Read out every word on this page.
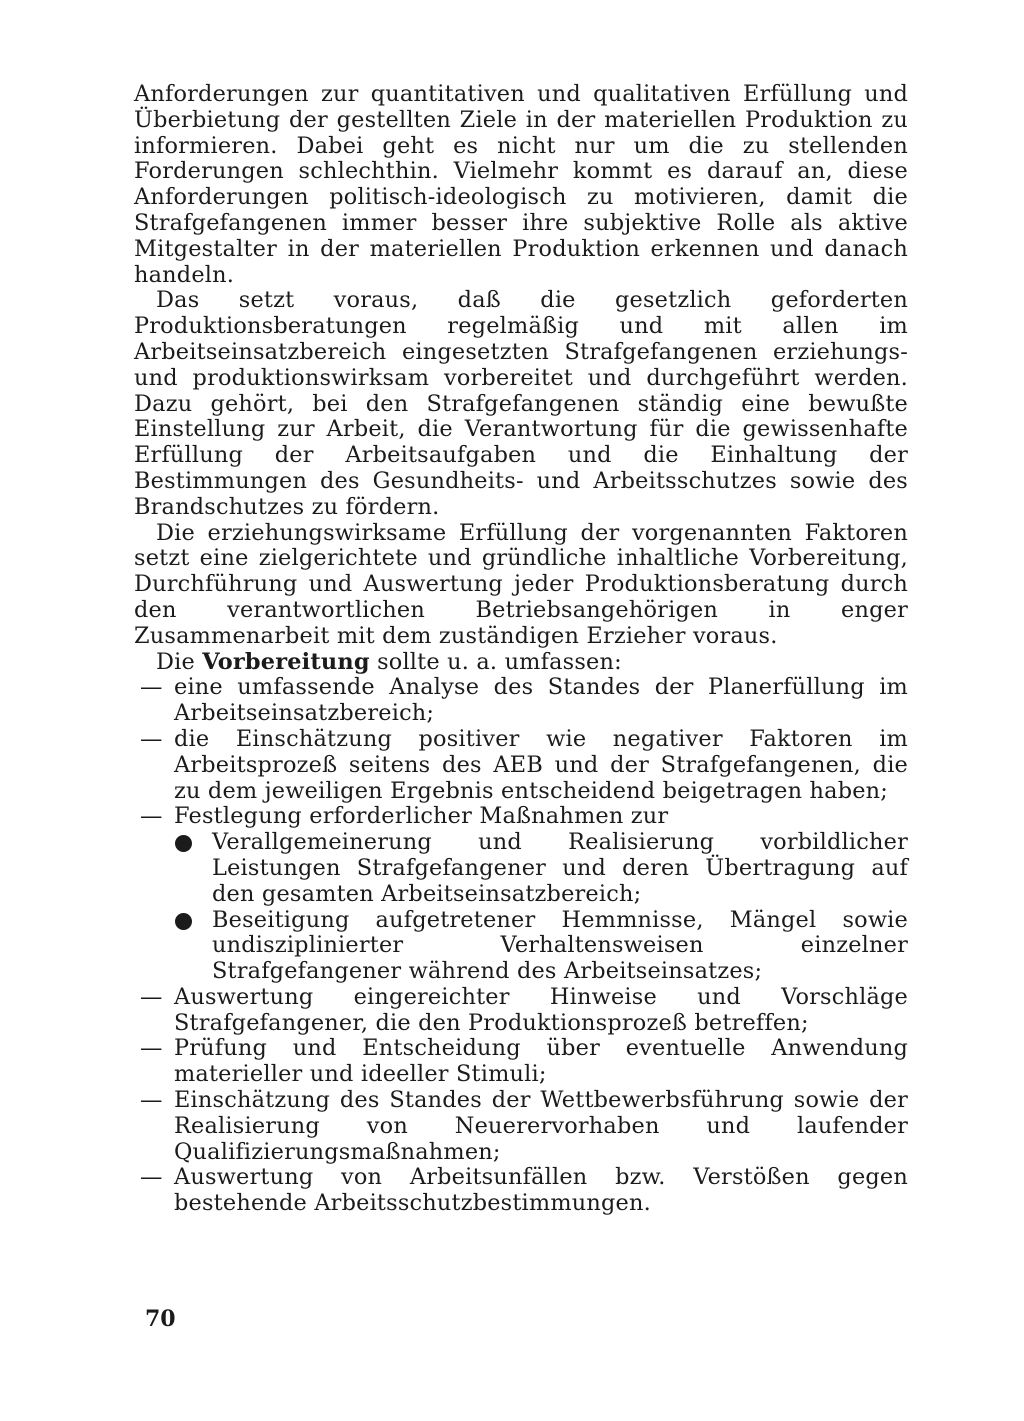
Anforderungen zur quantitativen und qualitativen Erfüllung und Überbietung der gestellten Ziele in der materiellen Produktion zu informieren. Dabei geht es nicht nur um die zu stellenden Forderungen schlechthin. Vielmehr kommt es darauf an, diese Anforderungen politisch-ideologisch zu motivieren, damit die Strafgefangenen immer besser ihre subjektive Rolle als aktive Mitgestalter in der materiellen Produktion erkennen und danach handeln.

Das setzt voraus, daß die gesetzlich geforderten Produktionsberatungen regelmäßig und mit allen im Arbeitseinsatzbereich eingesetzten Strafgefangenen erziehungs- und produktionswirksam vorbereitet und durchgeführt werden. Dazu gehört, bei den Strafgefangenen ständig eine bewußte Einstellung zur Arbeit, die Verantwortung für die gewissenhafte Erfüllung der Arbeitsaufgaben und die Einhaltung der Bestimmungen des Gesundheits- und Arbeitsschutzes sowie des Brandschutzes zu fördern.

Die erziehungswirksame Erfüllung der vorgenannten Faktoren setzt eine zielgerichtete und gründliche inhaltliche Vorbereitung, Durchführung und Auswertung jeder Produktionsberatung durch den verantwortlichen Betriebsangehörigen in enger Zusammenarbeit mit dem zuständigen Erzieher voraus.

Die Vorbereitung sollte u. a. umfassen:

— eine umfassende Analyse des Standes der Planerfüllung im Arbeitseinsatzbereich;
— die Einschätzung positiver wie negativer Faktoren im Arbeitsprozeß seitens des AEB und der Strafgefangenen, die zu dem jeweiligen Ergebnis entscheidend beigetragen haben;
— Festlegung erforderlicher Maßnahmen zur
Verallgemeinerung und Realisierung vorbildlicher Leistungen Strafgefangener und deren Übertragung auf den gesamten Arbeitseinsatzbereich;
Beseitigung aufgetretener Hemmnisse, Mängel sowie undisziplinierter Verhaltensweisen einzelner Strafgefangener während des Arbeitseinsatzes;
— Auswertung eingereichter Hinweise und Vorschläge Strafgefangener, die den Produktionsprozeß betreffen;
— Prüfung und Entscheidung über eventuelle Anwendung materieller und ideeller Stimuli;
— Einschätzung des Standes der Wettbewerbsführung sowie der Realisierung von Neuerervorhaben und laufender Qualifizierungsmaßnahmen;
— Auswertung von Arbeitsunfällen bzw. Verstößen gegen bestehende Arbeitsschutzbestimmungen.
70
